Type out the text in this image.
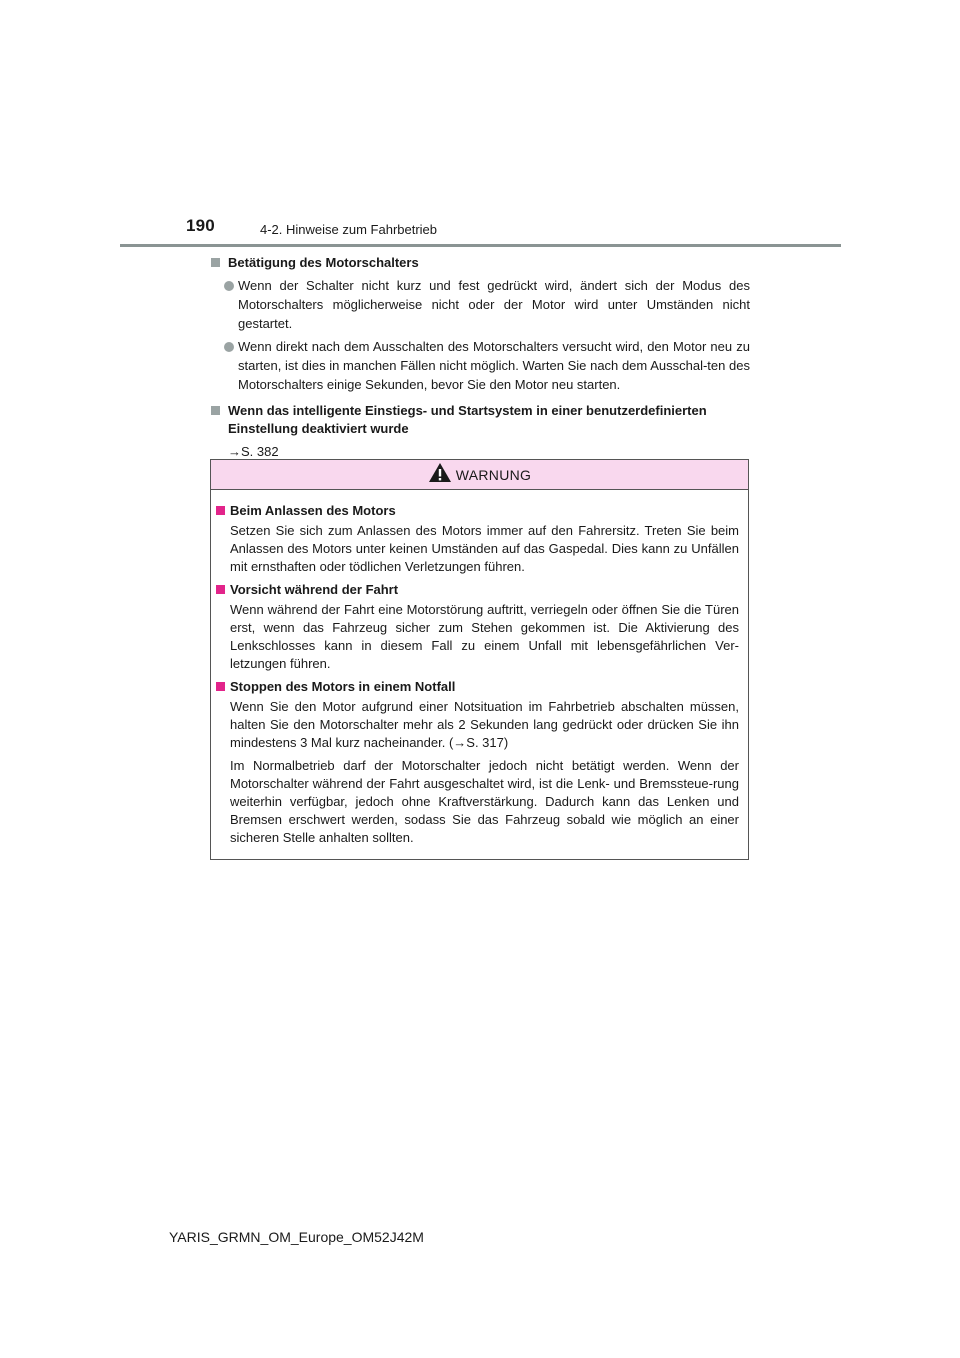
190	4-2. Hinweise zum Fahrbetrieb

Betätigung des Motorschalters

Wenn der Schalter nicht kurz und fest gedrückt wird, ändert sich der Modus des Motorschalters möglicherweise nicht oder der Motor wird unter Umständen nicht gestartet.

Wenn direkt nach dem Ausschalten des Motorschalters versucht wird, den Motor neu zu starten, ist dies in manchen Fällen nicht möglich. Warten Sie nach dem Ausschal-ten des Motorschalters einige Sekunden, bevor Sie den Motor neu starten.

Wenn das intelligente Einstiegs- und Startsystem in einer benutzerdefinierten Einstellung deaktiviert wurde

→S. 382

WARNUNG

Beim Anlassen des Motors

Setzen Sie sich zum Anlassen des Motors immer auf den Fahrersitz. Treten Sie beim Anlassen des Motors unter keinen Umständen auf das Gaspedal. Dies kann zu Unfällen mit ernsthaften oder tödlichen Verletzungen führen.

Vorsicht während der Fahrt

Wenn während der Fahrt eine Motorstörung auftritt, verriegeln oder öffnen Sie die Türen erst, wenn das Fahrzeug sicher zum Stehen gekommen ist. Die Aktivierung des Lenkschlosses kann in diesem Fall zu einem Unfall mit lebensgefährlichen Ver-letzungen führen.

Stoppen des Motors in einem Notfall

Wenn Sie den Motor aufgrund einer Notsituation im Fahrbetrieb abschalten müssen, halten Sie den Motorschalter mehr als 2 Sekunden lang gedrückt oder drücken Sie ihn mindestens 3 Mal kurz nacheinander. (→S. 317)

Im Normalbetrieb darf der Motorschalter jedoch nicht betätigt werden. Wenn der Motorschalter während der Fahrt ausgeschaltet wird, ist die Lenk- und Bremssteue-rung weiterhin verfügbar, jedoch ohne Kraftverstärkung. Dadurch kann das Lenken und Bremsen erschwert werden, sodass Sie das Fahrzeug sobald wie möglich an einer sicheren Stelle anhalten sollten.

YARIS_GRMN_OM_Europe_OM52J42M
